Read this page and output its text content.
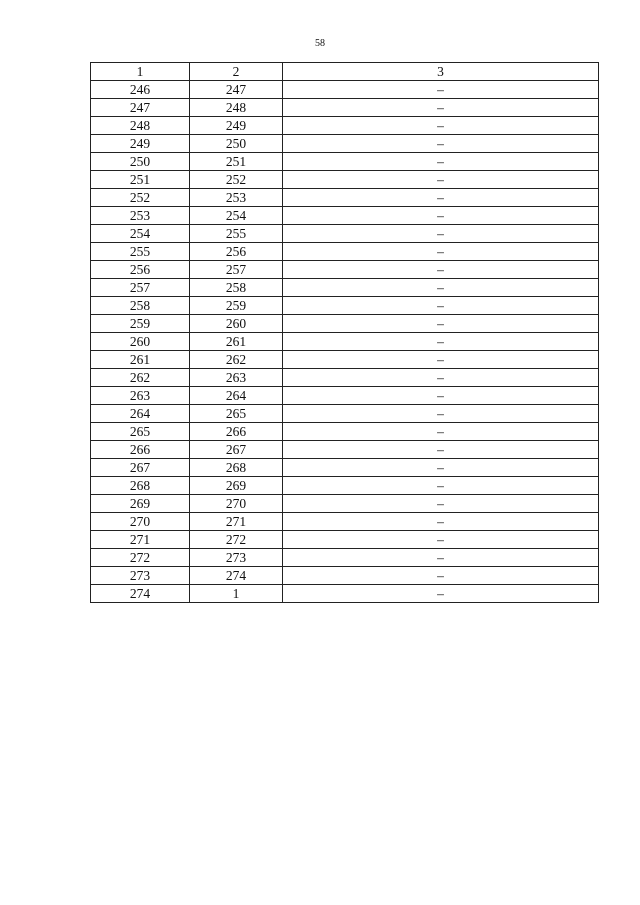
58
1	2	3
246	247	–
247	248	–
248	249	–
249	250	–
250	251	–
251	252	–
252	253	–
253	254	–
254	255	–
255	256	–
256	257	–
257	258	–
258	259	–
259	260	–
260	261	–
261	262	–
262	263	–
263	264	–
264	265	–
265	266	–
266	267	–
267	268	–
268	269	–
269	270	–
270	271	–
271	272	–
272	273	–
273	274	–
274	1	–
